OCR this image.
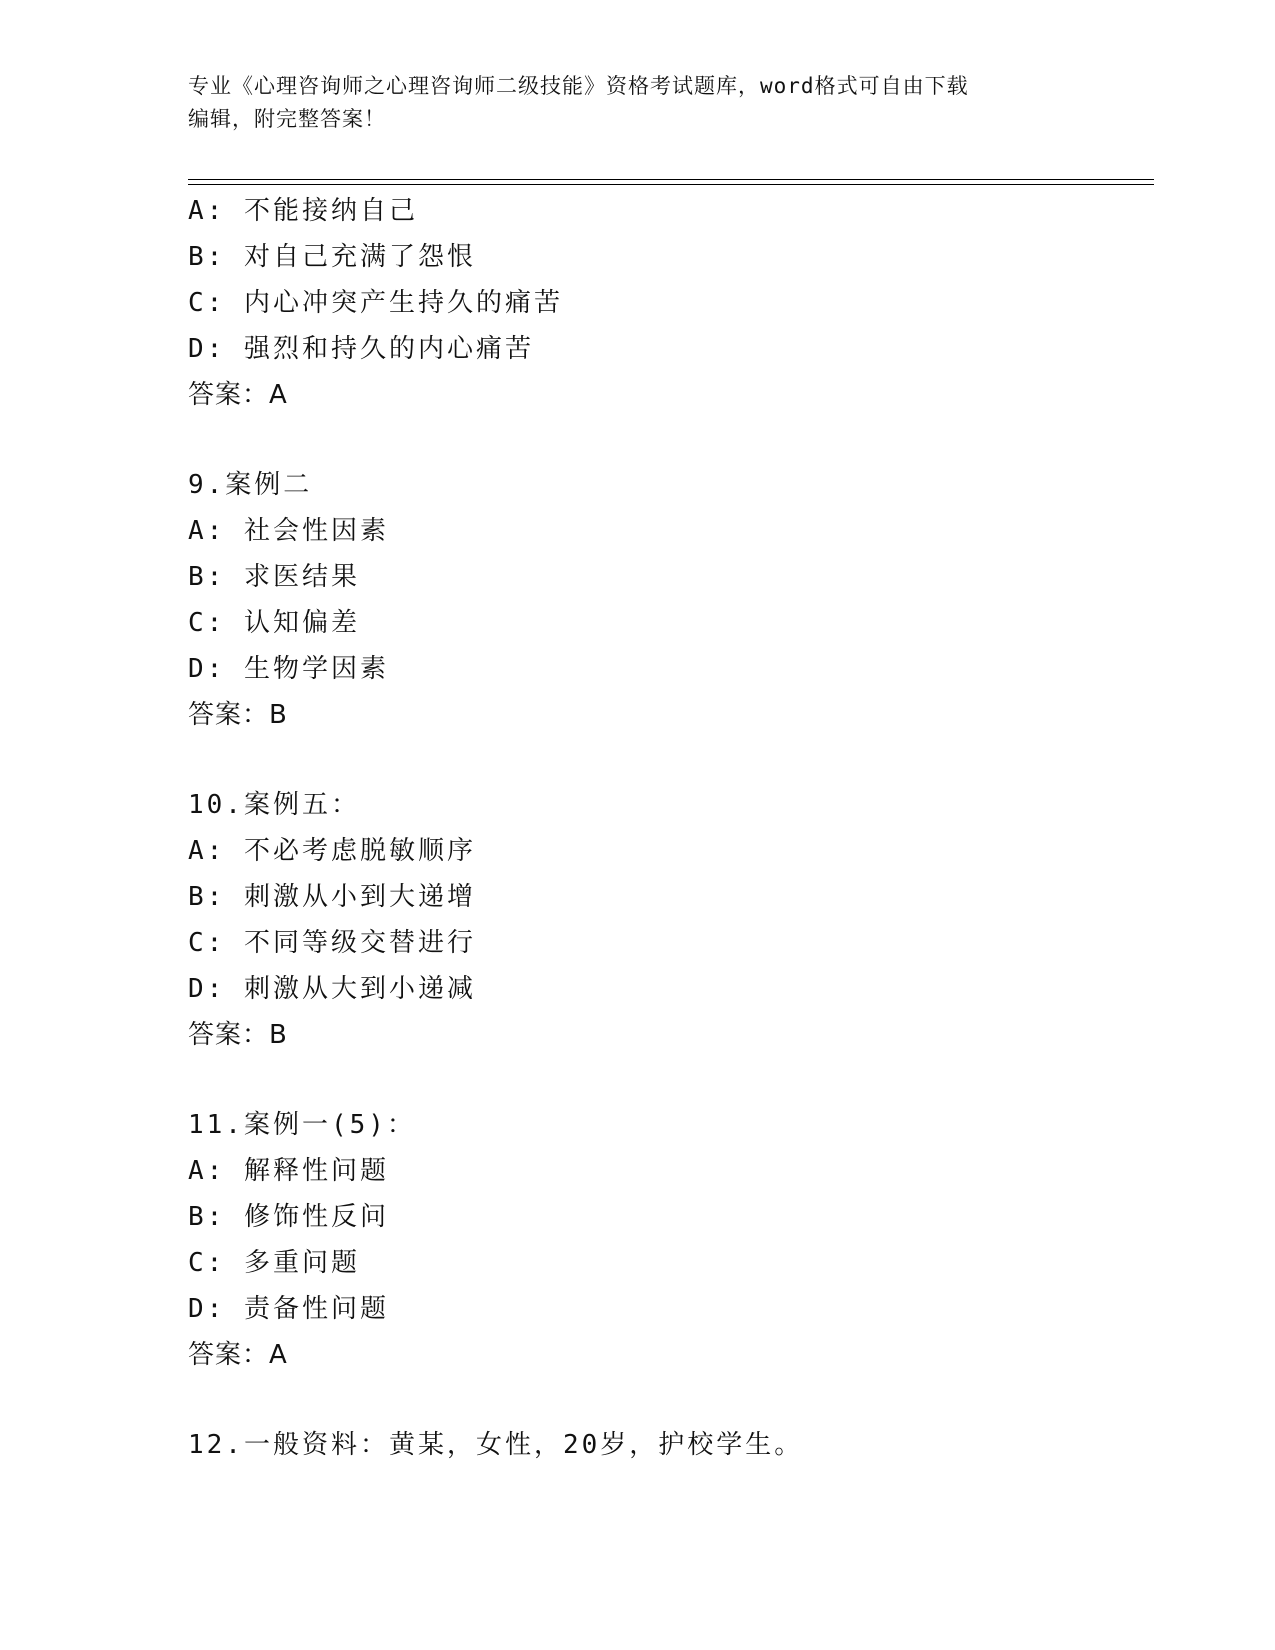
专业《心理咨询师之心理咨询师二级技能》资格考试题库，word格式可自由下载
编辑，附完整答案！
A: 不能接纳自己
B: 对自己充满了怨恨
C: 内心冲突产生持久的痛苦
D: 强烈和持久的内心痛苦
答案：A
9.案例二
A: 社会性因素
B: 求医结果
C: 认知偏差
D: 生物学因素
答案：B
10.案例五：
A: 不必考虑脱敏顺序
B: 刺激从小到大递增
C: 不同等级交替进行
D: 刺激从大到小递减
答案：B
11.案例一(5)：
A: 解释性问题
B: 修饰性反问
C: 多重问题
D: 责备性问题
答案：A
12.一般资料：黄某，女性，20岁，护校学生。
